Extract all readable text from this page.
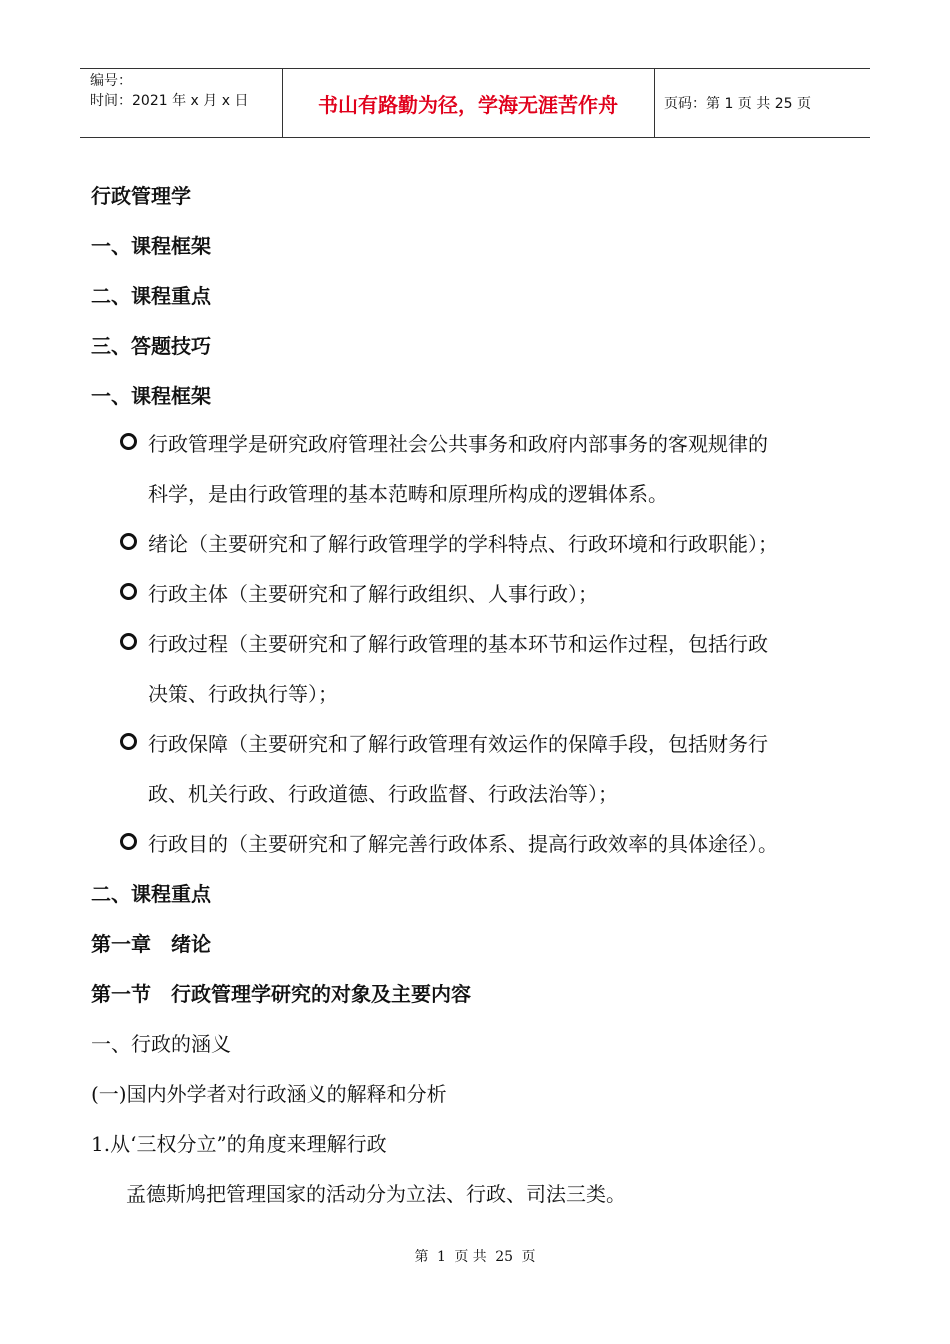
编号：
时间：2021 年 x 月 x 日	书山有路勤为径，学海无涯苦作舟	页码：第 1 页 共 25 页
行政管理学
一、课程框架
二、课程重点
三、答题技巧
一、课程框架
行政管理学是研究政府管理社会公共事务和政府内部事务的客观规律的
科学，是由行政管理的基本范畴和原理所构成的逻辑体系。
绪论（主要研究和了解行政管理学的学科特点、行政环境和行政职能）；
行政主体（主要研究和了解行政组织、人事行政）；
行政过程（主要研究和了解行政管理的基本环节和运作过程，包括行政
决策、行政执行等）；
行政保障（主要研究和了解行政管理有效运作的保障手段，包括财务行
政、机关行政、行政道德、行政监督、行政法治等）；
行政目的（主要研究和了解完善行政体系、提高行政效率的具体途径）。
二、课程重点
第一章　绪论
第一节　行政管理学研究的对象及主要内容
一、行政的涵义
(一)国内外学者对行政涵义的解释和分析
1.从‘三权分立”的角度来理解行政
孟德斯鸠把管理国家的活动分为立法、行政、司法三类。
第 1 页 共 25 页
